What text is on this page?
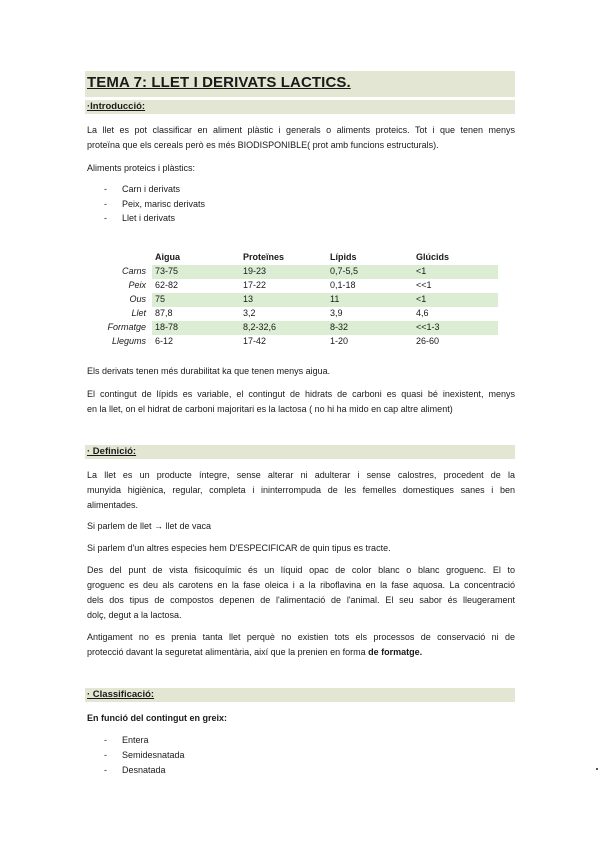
TEMA 7: LLET I DERIVATS LACTICS.
·Introducció:

La llet es pot classificar en aliment plàstic i generals o aliments proteics. Tot i que tenen menys

proteïna que els cereals però es més BIODISPONIBLE( prot amb funcions estructurals).

Aliments proteics i plàstics:

- Carn i derivats
- Peix, marisc derivats
- Llet i derivats
Aigua	Proteïnes	Lípids	Glúcids
Carns 73-75	19-23	0,7-5,5	<1
Peix 62-82	17-22	0,1-18	<<1
Ous 75	13	11	<1
Llet 87,8	3,2	3,9	4,6
Formatge 18-78	8,2-32,6	8-32	<<1-3
Llegums 6-12	17-42	1-20	26-60

Els derivats tenen més durabilitat ka que tenen menys aigua.

El contingut de lípids es variable, el contingut de hidrats de carboni es quasi bé inexistent, menys

en la llet, on el hidrat de carboni majoritari es la lactosa ( no hi ha mido en cap altre aliment)

· Definició:

La llet es un producte íntegre, sense alterar ni adulterar i sense calostres, procedent de la

munyida higiènica, regular, completa i ininterrompuda de les femelles domestiques sanes i ben

alimentades.

Si parlem de llet → llet de vaca

Si parlem d'un altres especies hem D'ESPECIFICAR de quin tipus es tracte.

Des del punt de vista fisicoquímic és un líquid opac de color blanc o blanc groguenc. El to

groguenc es deu als carotens en la fase oleica i a la riboflavina en la fase aquosa. La concentració

dels dos tipus de compostos depenen de l'alimentació de l'animal. El seu sabor és lleugerament

dolç, degut a la lactosa.

Antigament no es prenia tanta llet perquè no existien tots els processos de conservació ni de

protecció davant la seguretat alimentària, així que la prenien en forma de formatge.

· Classificació:

En funció del contingut en greix:

- Entera
- Semidesnatada
- Desnatada
